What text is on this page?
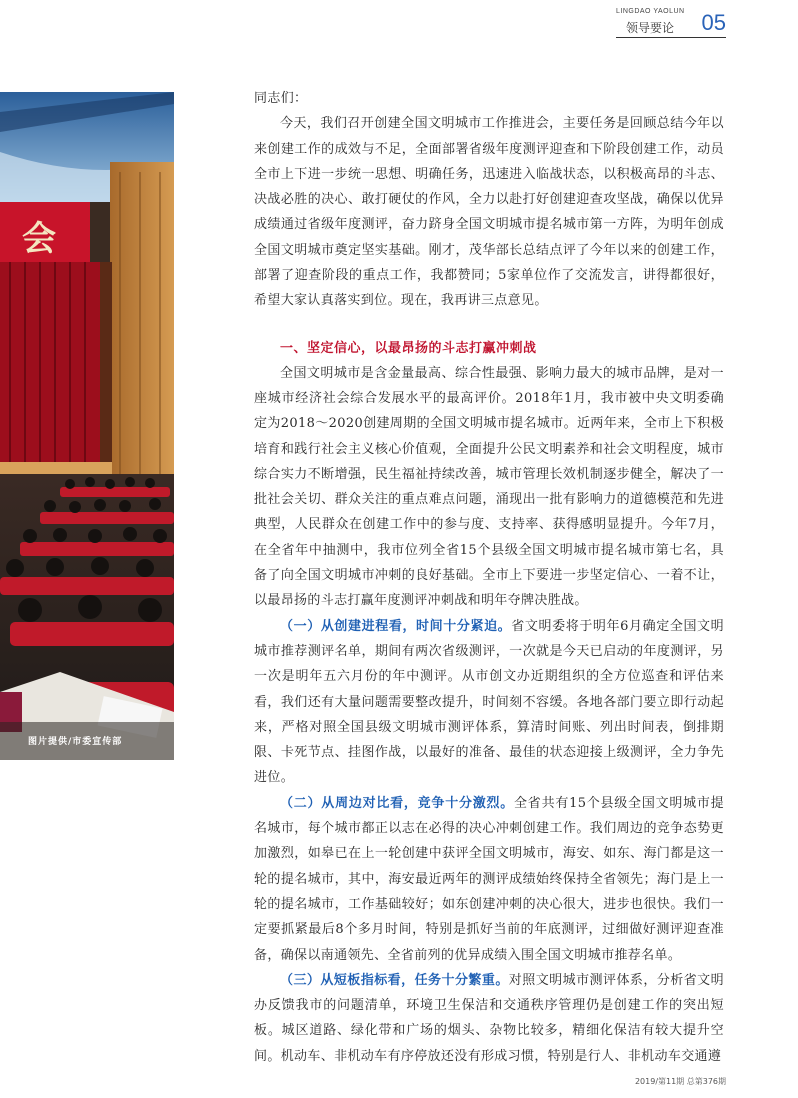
LINGDAO YAOLUN
领导要论 05
会
图片提供/市委宣传部

同志们：

今天，我们召开创建全国文明城市工作推进会，主要任务是回顾总结今年以来创建工作的成效与不足，全面部署省级年度测评迎查和下阶段创建工作，动员全市上下进一步统一思想、明确任务，迅速进入临战状态，以积极高昂的斗志、决战必胜的决心、敢打硬仗的作风，全力以赴打好创建迎查攻坚战，确保以优异成绩通过省级年度测评，奋力跻身全国文明城市提名城市第一方阵，为明年创成全国文明城市奠定坚实基础。刚才，茂华部长总结点评了今年以来的创建工作，部署了迎查阶段的重点工作，我都赞同；5家单位作了交流发言，讲得都很好，希望大家认真落实到位。现在，我再讲三点意见。

一、坚定信心，以最昂扬的斗志打赢冲刺战

全国文明城市是含金量最高、综合性最强、影响力最大的城市品牌，是对一座城市经济社会综合发展水平的最高评价。2018年1月，我市被中央文明委确定为2018～2020创建周期的全国文明城市提名城市。近两年来，全市上下积极培育和践行社会主义核心价值观，全面提升公民文明素养和社会文明程度，城市综合实力不断增强，民生福祉持续改善，城市管理长效机制逐步健全，解决了一批社会关切、群众关注的重点难点问题，涌现出一批有影响力的道德模范和先进典型，人民群众在创建工作中的参与度、支持率、获得感明显提升。今年7月，在全省年中抽测中，我市位列全省15个县级全国文明城市提名城市第七名，具备了向全国文明城市冲刺的良好基础。全市上下要进一步坚定信心、一着不让，以最昂扬的斗志打赢年度测评冲刺战和明年夺牌决胜战。

（一）从创建进程看，时间十分紧迫。省文明委将于明年6月确定全国文明城市推荐测评名单，期间有两次省级测评，一次就是今天已启动的年度测评，另一次是明年五六月份的年中测评。从市创文办近期组织的全方位巡查和评估来看，我们还有大量问题需要整改提升，时间刻不容缓。各地各部门要立即行动起来，严格对照全国县级文明城市测评体系，算清时间账、列出时间表，倒排期限、卡死节点、挂图作战，以最好的准备、最佳的状态迎接上级测评，全力争先进位。

（二）从周边对比看，竞争十分激烈。全省共有15个县级全国文明城市提名城市，每个城市都正以志在必得的决心冲刺创建工作。我们周边的竞争态势更加激烈，如皋已在上一轮创建中获评全国文明城市，海安、如东、海门都是这一轮的提名城市，其中，海安最近两年的测评成绩始终保持全省领先；海门是上一轮的提名城市，工作基础较好；如东创建冲刺的决心很大，进步也很快。我们一定要抓紧最后8个多月时间，特别是抓好当前的年底测评，过细做好测评迎查准备，确保以南通领先、全省前列的优异成绩入围全国文明城市推荐名单。

（三）从短板指标看，任务十分繁重。对照文明城市测评体系，分析省文明办反馈我市的问题清单，环境卫生保洁和交通秩序管理仍是创建工作的突出短板。城区道路、绿化带和广场的烟头、杂物比较多，精细化保洁有较大提升空间。机动车、非机动车有序停放还没有形成习惯，特别是行人、非机动车交通遵

2019/第11期 总第376期
